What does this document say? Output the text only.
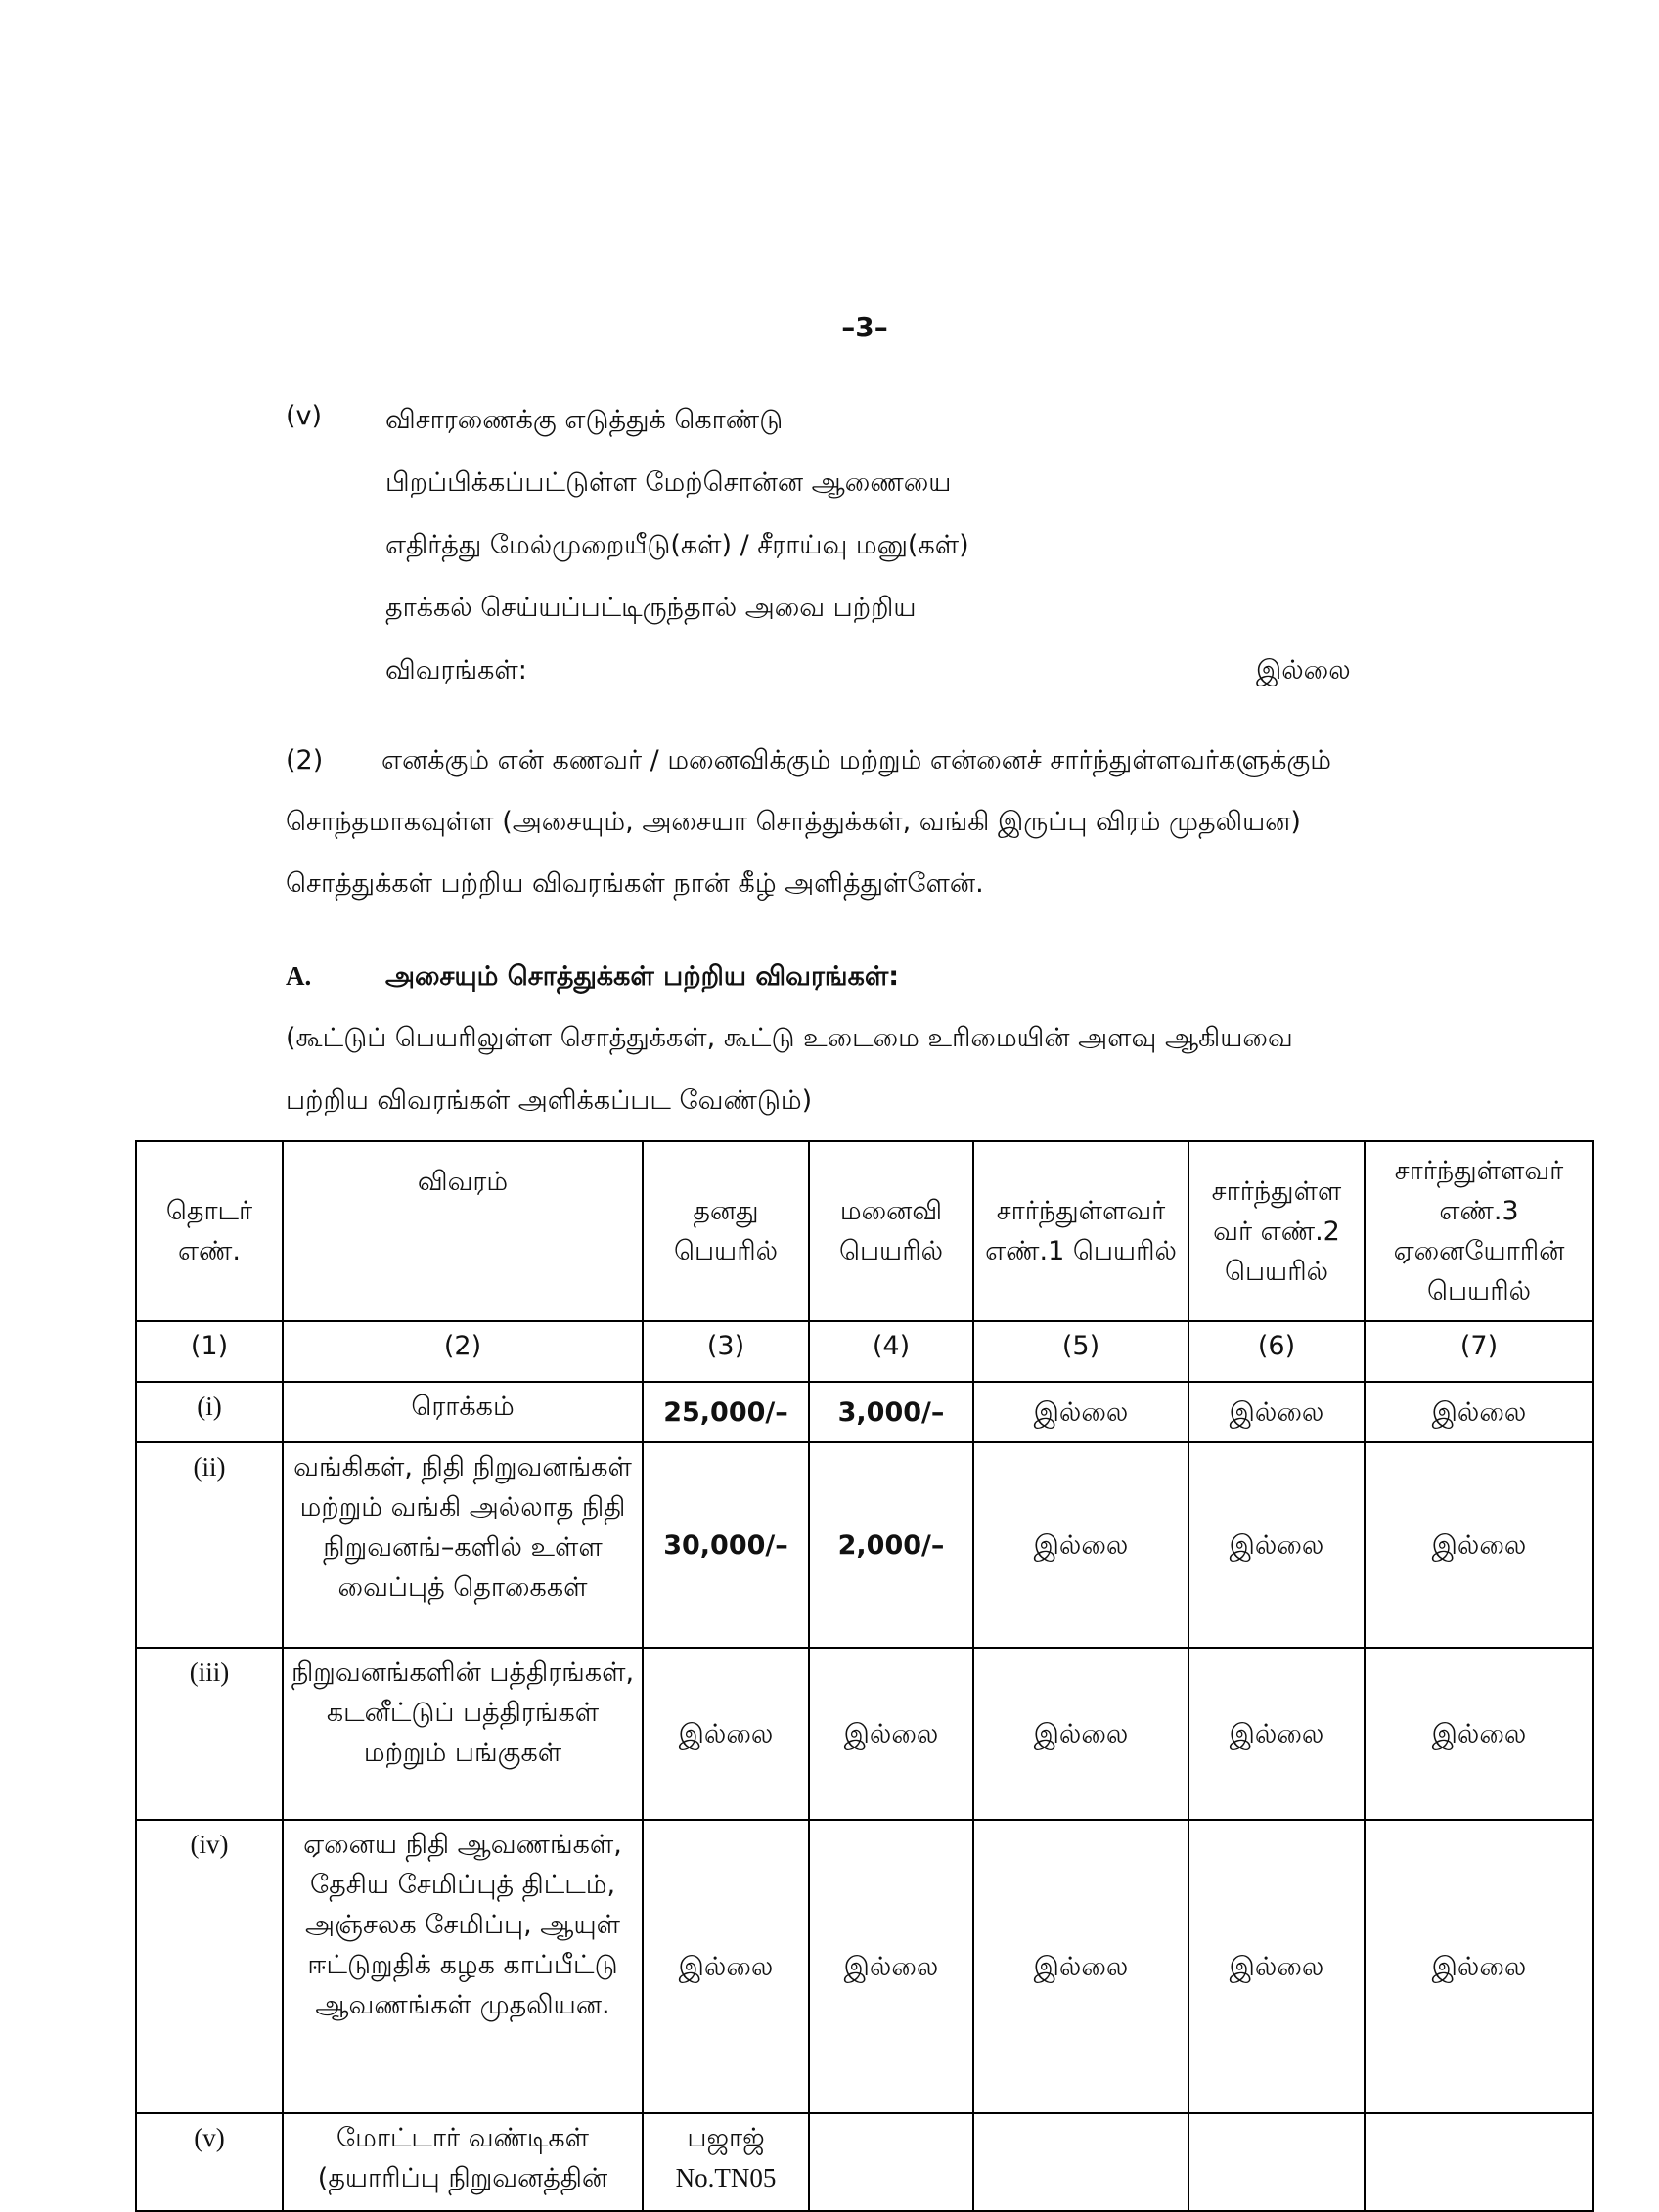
–3–
(v) விசாரணைக்கு எடுத்துக் கொண்டு
பிறப்பிக்கப்பட்டுள்ள மேற்சொன்ன ஆணையை
எதிர்த்து மேல்முறையீடு(கள்) / சீராய்வு மனு(கள்)
தாக்கல் செய்யப்பட்டிருந்தால் அவை பற்றிய
விவரங்கள்:	இல்லை
(2) எனக்கும் என் கணவர் / மனைவிக்கும் மற்றும் என்னைச் சார்ந்துள்ளவர்களுக்கும்
சொந்தமாகவுள்ள (அசையும், அசையா சொத்துக்கள், வங்கி இருப்பு விரம் முதலியன)
சொத்துக்கள் பற்றிய விவரங்கள் நான் கீழ் அளித்துள்ளேன்.
A.	அசையும் சொத்துக்கள் பற்றிய விவரங்கள்:
(கூட்டுப் பெயரிலுள்ள சொத்துக்கள், கூட்டு உடைமை உரிமையின் அளவு ஆகியவை
பற்றிய விவரங்கள் அளிக்கப்பட வேண்டும்)
தொடர் எண்.	விவரம்	தனது பெயரில்	மனைவி பெயரில்	சார்ந்துள்ளவர் எண்.1 பெயரில்	சார்ந்துள்ள வர் எண்.2 பெயரில்	சார்ந்துள்ளவர் எண்.3 ஏனையோரின் பெயரில்
(1)	(2)	(3)	(4)	(5)	(6)	(7)
(i)	ரொக்கம்	25,000/–	3,000/–	இல்லை	இல்லை	இல்லை
(ii)	வங்கிகள், நிதி நிறுவனங்கள் மற்றும் வங்கி அல்லாத நிதி நிறுவனங்–களில் உள்ள வைப்புத் தொகைகள்	30,000/–	2,000/–	இல்லை	இல்லை	இல்லை
(iii)	நிறுவனங்களின் பத்திரங்கள், கடனீட்டுப் பத்திரங்கள் மற்றும் பங்குகள்	இல்லை	இல்லை	இல்லை	இல்லை	இல்லை
(iv)	ஏனைய நிதி ஆவணங்கள், தேசிய சேமிப்புத் திட்டம், அஞ்சலக சேமிப்பு, ஆயுள் ஈட்டுறுதிக் கழக காப்பீட்டு ஆவணங்கள் முதலியன.	இல்லை	இல்லை	இல்லை	இல்லை	இல்லை
(v)	மோட்டார் வண்டிகள் (தயாரிப்பு நிறுவனத்தின்	பஜாஜ் No.TN05				
